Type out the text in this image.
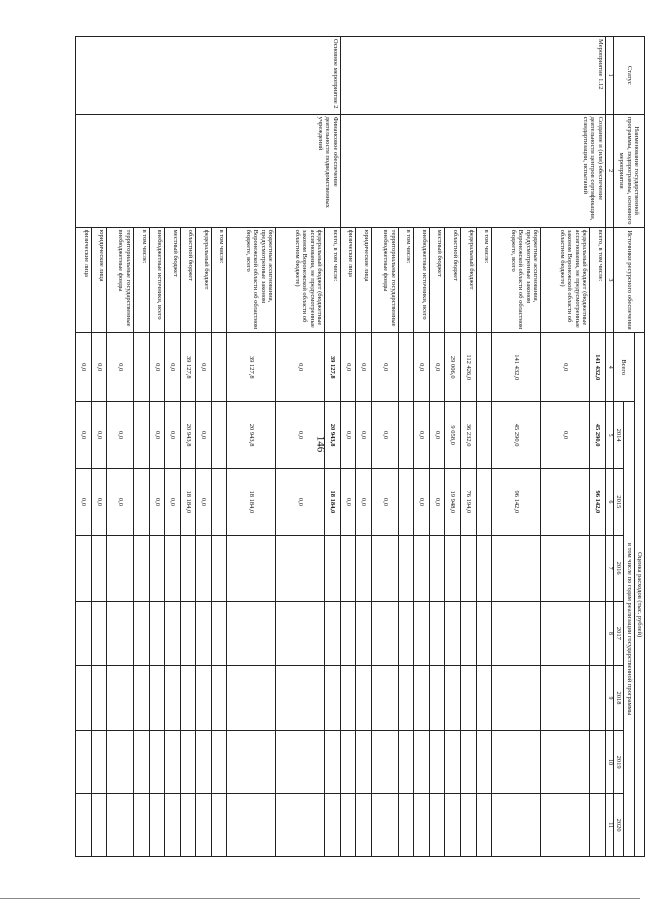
146
Статус	Наименование государственной программы, подпрограммы, основного мероприятия	Источники ресурсного обеспечения	Оценка расходов (тыс. рублей)							
			Всего	в том числе по годам реализации государственной программы						
				2014	2015	2016	2017	2018	2019	2020
1	2	3	4	5	6	7	8	9	10	11
Мероприятие 1.12	Создание и (или) обеспечение деятельности центров сертификации, стандартизации, испытаний	всего, в том числе:	141 432,0	45 290,0	96 142,0					
		федеральный бюджет (бюджетные ассигнования, не предусмотренные законом Воронежской области об областном бюджете)	0,0	0,0						
		бюджетные ассигнования, предусмотренные законом Воронежской области об областном бюджете, всего	141 432,0	45 290,0	96 142,0					
		в том числе:								
		федеральный бюджет	112 426,0	36 232,0	76 194,0					
		областной бюджет	29 006,0	9 058,0	19 948,0					
		местный бюджет	0,0	0,0	0,0					
		внебюджетные источники, всего	0,0	0,0	0,0					
		в том числе:								
		территориальные государственные внебюджетные фонды	0,0	0,0	0,0					
		юридические лица	0,0	0,0	0,0					
		физические лица	0,0	0,0	0,0					
Основное мероприятие 2	Финансовое обеспечение деятельности подведомственных учреждений	всего, в том числе:	39 127,8	20 943,8	18 184,0					
		федеральный бюджет (бюджетные ассигнования, не предусмотренные законом Воронежской области об областном бюджете)	0,0	0,0	0,0					
		бюджетные ассигнования, предусмотренные законом Воронежской области об областном бюджете, всего	39 127,8	20 943,8	18 184,0					
		в том числе:								
		федеральный бюджет	0,0	0,0	0,0					
		областной бюджет	39 127,8	20 943,8	18 184,0					
		местный бюджет	0,0	0,0	0,0					
		внебюджетные источники, всего	0,0	0,0	0,0					
		в том числе:								
		территориальные государственные внебюджетные фонды	0,0	0,0	0,0					
		юридические лица	0,0	0,0	0,0					
		физические лица	0,0	0,0	0,0					
